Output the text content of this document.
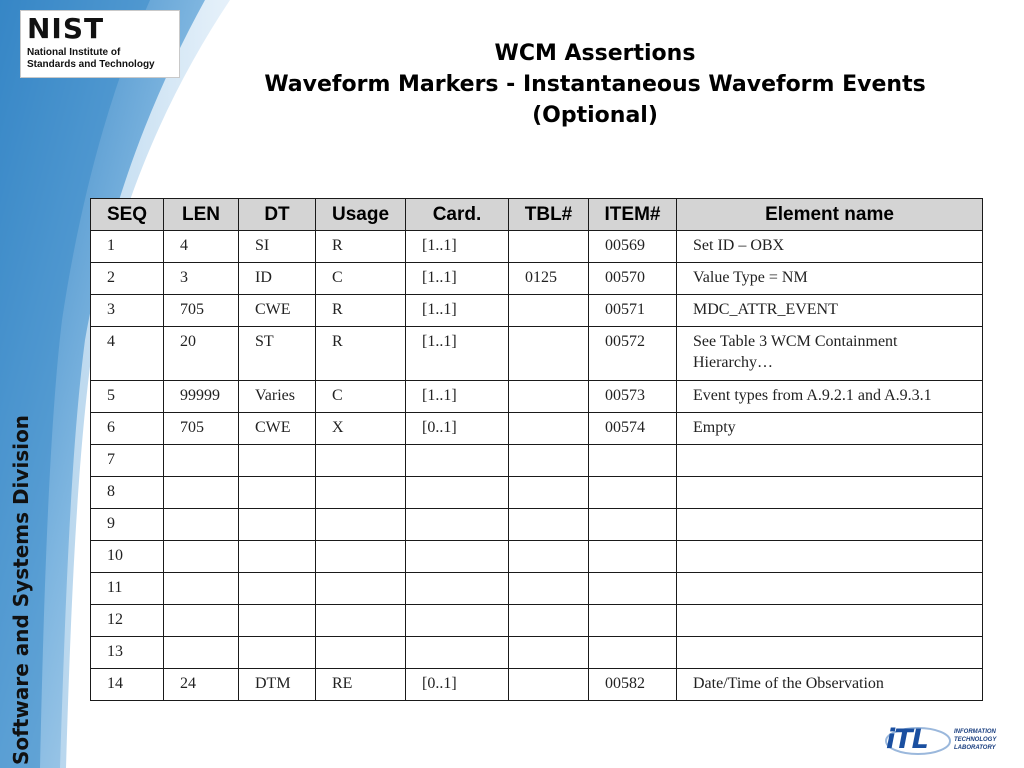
NIST
National Institute of
Standards and Technology	WCM Assertions
Waveform Markers - Instantaneous Waveform Events
(Optional)
Software and Systems Division
SEQ	LEN	DT	Usage	Card.	TBL#	ITEM#	Element name
1	4	SI	R	[1..1]		00569	Set ID – OBX
2	3	ID	C	[1..1]	0125	00570	Value Type = NM
3	705	CWE	R	[1..1]		00571	MDC_ATTR_EVENT
4	20	ST	R	[1..1]		00572	See Table 3 WCM Containment Hierarchy…
5	99999	Varies	C	[1..1]		00573	Event types from A.9.2.1 and A.9.3.1
6	705	CWE	X	[0..1]		00574	Empty
7							
8							
9							
10							
11							
12							
13							
14	24	DTM	RE	[0..1]		00582	Date/Time of the Observation
iTL	INFORMATION
TECHNOLOGY
LABORATORY
